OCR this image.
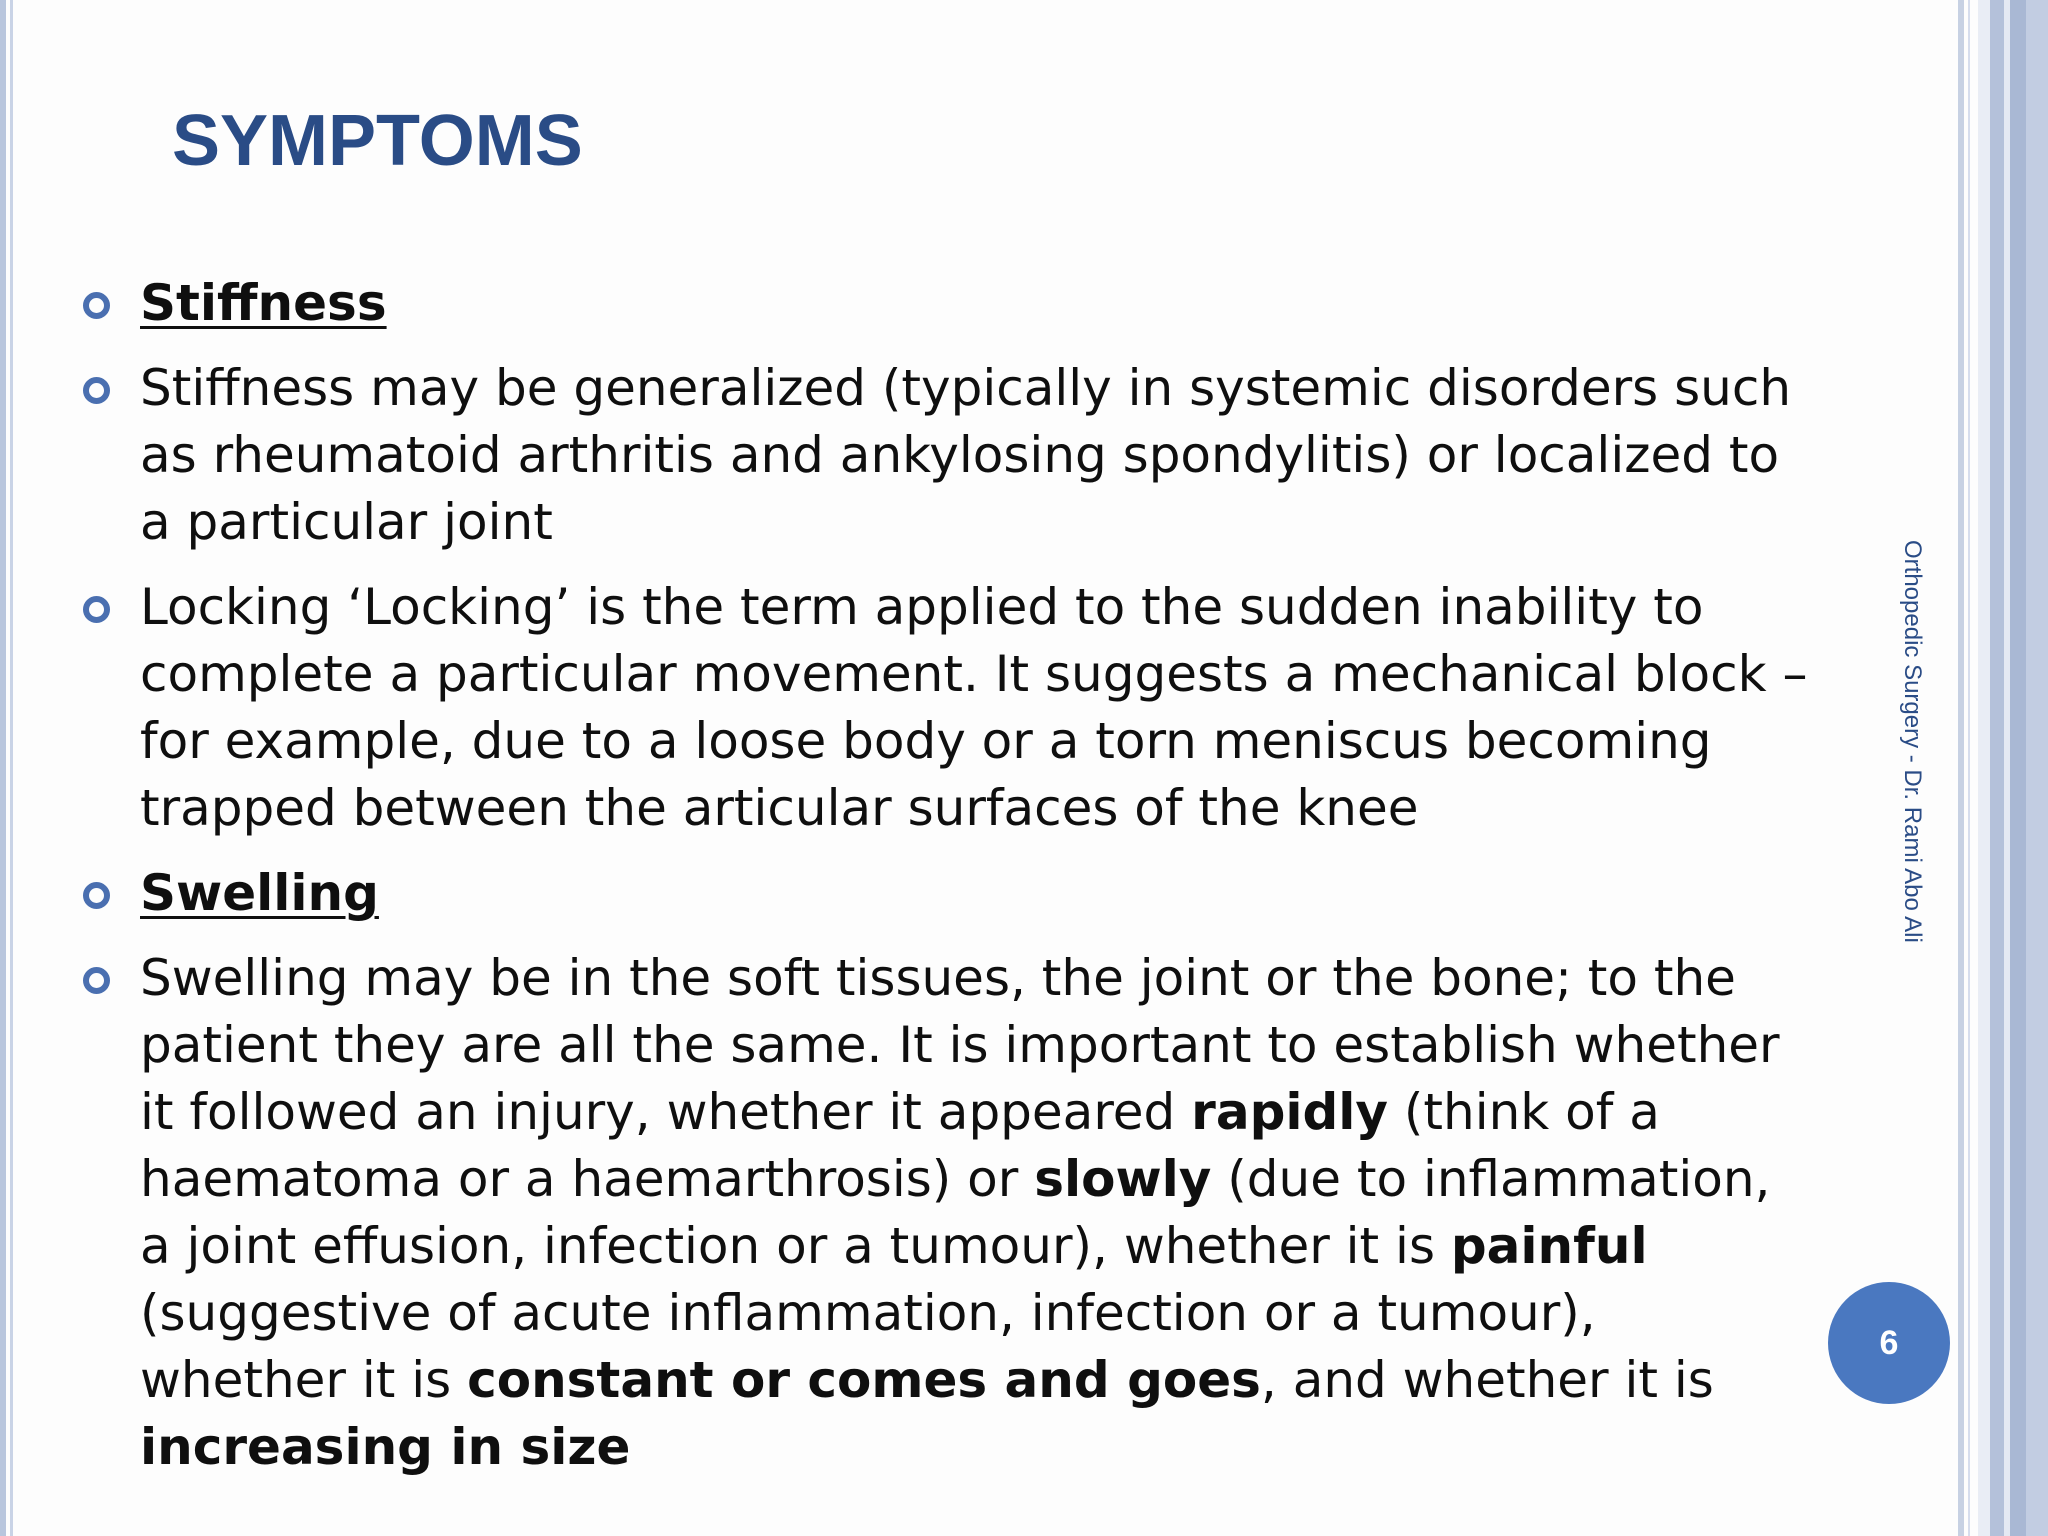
SYMPTOMS
Stiffness
Stiffness may be generalized (typically in systemic disorders such as rheumatoid arthritis and ankylosing spondylitis) or localized to a particular joint
Locking ‘Locking’ is the term applied to the sudden inability to complete a particular movement. It suggests a mechanical block – for example, due to a loose body or a torn meniscus becoming trapped between the articular surfaces of the knee
Swelling
Swelling may be in the soft tissues, the joint or the bone; to the patient they are all the same. It is important to establish whether it followed an injury, whether it appeared rapidly (think of a haematoma or a haemarthrosis) or slowly (due to inflammation, a joint effusion, infection or a tumour), whether it is painful (suggestive of acute inflammation, infection or a tumour), whether it is constant or comes and goes, and whether it is increasing in size
Orthopedic Surgery - Dr. Rami Abo Ali
6
